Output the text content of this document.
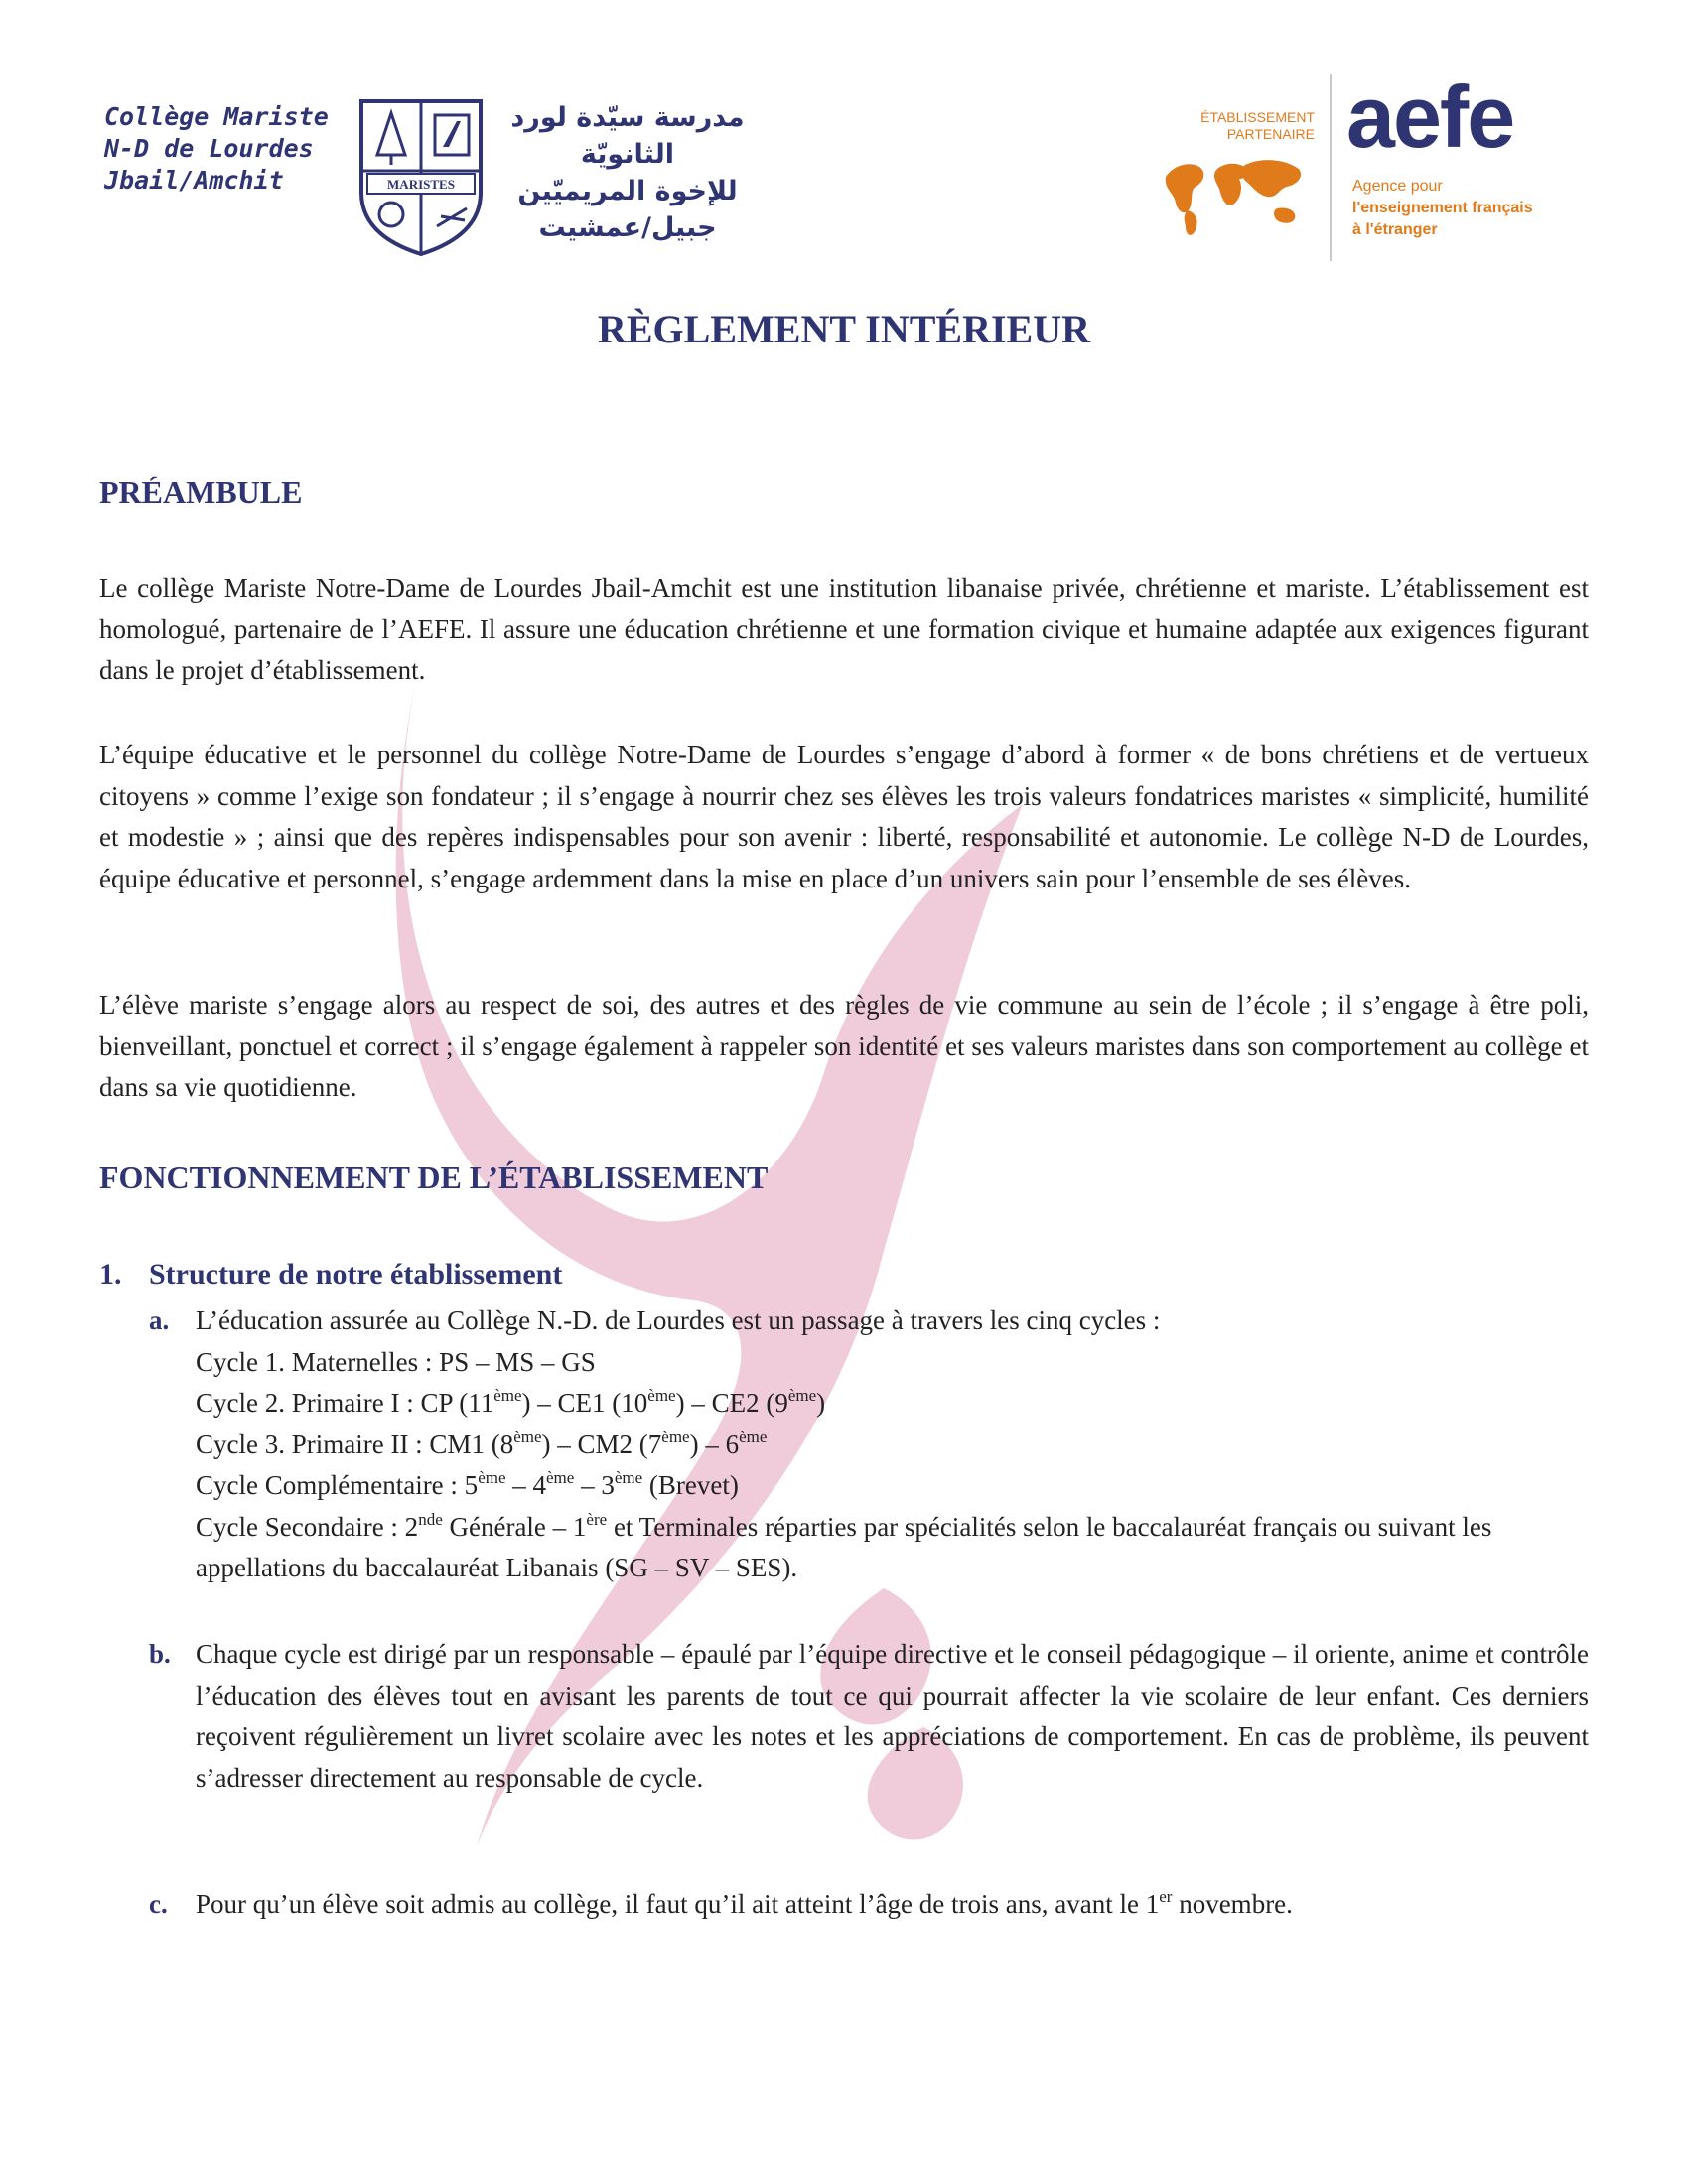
Collège Mariste
N-D de Lourdes
Jbail/Amchit	MARISTES
مدرسة سيّدة لورد الثانويّة
للإخوة المريميّين
جبيل/عمشيت
ÉTABLISSEMENT
PARTENAIRE aefe
Agence pour
l'enseignement français
à l'étranger
RÈGLEMENT INTÉRIEUR
PRÉAMBULE

Le collège Mariste Notre-Dame de Lourdes Jbail-Amchit est une institution libanaise privée, chrétienne et mariste. L’établissement est homologué, partenaire de l’AEFE. Il assure une éducation chrétienne et une formation civique et humaine adaptée aux exigences figurant dans le projet d’établissement.

L’équipe éducative et le personnel du collège Notre-Dame de Lourdes s’engage d’abord à former « de bons chrétiens et de vertueux citoyens » comme l’exige son fondateur ; il s’engage à nourrir chez ses élèves les trois valeurs fondatrices maristes « simplicité, humilité et modestie » ; ainsi que des repères indispensables pour son avenir : liberté, responsabilité et autonomie. Le collège N-D de Lourdes, équipe éducative et personnel, s’engage ardemment dans la mise en place d’un univers sain pour l’ensemble de ses élèves.

L’élève mariste s’engage alors au respect de soi, des autres et des règles de vie commune au sein de l’école ; il s’engage à être poli, bienveillant, ponctuel et correct ; il s’engage également à rappeler son identité et ses valeurs maristes dans son comportement au collège et dans sa vie quotidienne.

FONCTIONNEMENT DE L’ÉTABLISSEMENT
1. Structure de notre établissement
a. L’éducation assurée au Collège N.-D. de Lourdes est un passage à travers les cinq cycles :

Cycle 1. Maternelles : PS – MS – GS

Cycle 2. Primaire I : CP (11ème) – CE1 (10ème) – CE2 (9ème)

Cycle 3. Primaire II : CM1 (8ème) – CM2 (7ème) – 6ème

Cycle Complémentaire : 5ème – 4ème – 3ème (Brevet)

Cycle Secondaire : 2nde Générale – 1ère et Terminales réparties par spécialités selon le baccalauréat français ou suivant les appellations du baccalauréat Libanais (SG – SV – SES).

b. Chaque cycle est dirigé par un responsable – épaulé par l’équipe directive et le conseil pédagogique – il oriente, anime et contrôle l’éducation des élèves tout en avisant les parents de tout ce qui pourrait affecter la vie scolaire de leur enfant. Ces derniers reçoivent régulièrement un livret scolaire avec les notes et les appréciations de comportement. En cas de problème, ils peuvent s’adresser directement au responsable de cycle.

c. Pour qu’un élève soit admis au collège, il faut qu’il ait atteint l’âge de trois ans, avant le 1er novembre.
